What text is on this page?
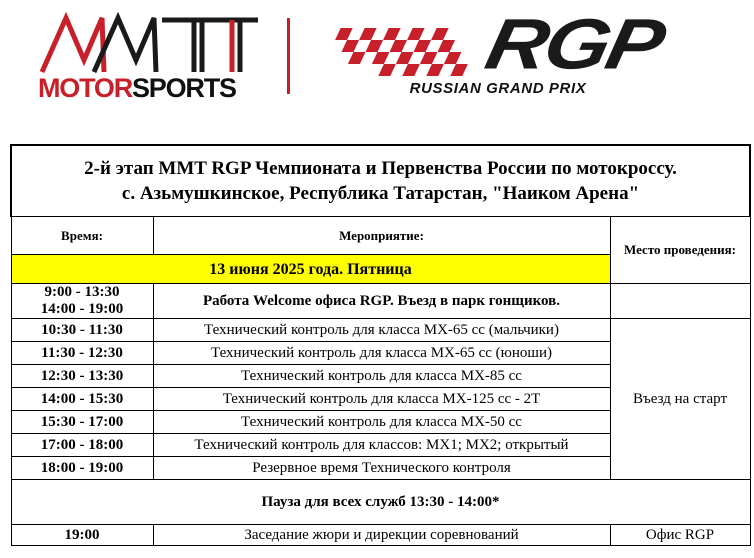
MOTORSPORTS
RGP
RUSSIAN GRAND PRIX
2-й этап MMT RGP Чемпионата и Первенства России по мотокроссу.
с. Азьмушкинское, Республика Татарстан, "Наиком Арена"		

Время:	Мероприятие:	Место проведения:
13 июня 2025 года. Пятница		

9:00 - 13:30
14:00 - 19:00	Работа Welcome офиса RGP. Въезд в парк гонщиков.	
10:30 - 11:30	Технический контроль для класса MX-65 cc (мальчики)	Въезд на старт
11:30 - 12:30	Технический контроль для класса MX-65 cc (юноши)	
12:30 - 13:30	Технический контроль для класса MX-85 cc	
14:00 - 15:30	Технический контроль для класса MX-125 cc - 2T	
15:30 - 17:00	Технический контроль для класса MX-50 cc	
17:00 - 18:00	Технический контроль для классов: MX1; MX2; открытый	
18:00 - 19:00	Резервное время Технического контроля	
Пауза для всех служб 13:30 - 14:00*		
19:00	Заседание жюри и дирекции соревнований	Офис RGP
